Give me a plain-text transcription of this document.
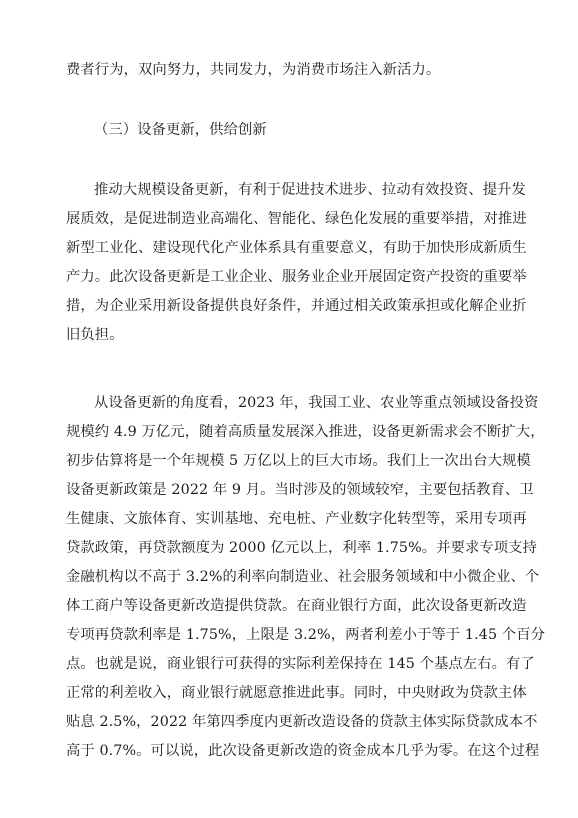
费者行为，双向努力，共同发力，为消费市场注入新活力。
（三）设备更新，供给创新
推动大规模设备更新，有利于促进技术进步、拉动有效投资、提升发
展质效，是促进制造业高端化、智能化、绿色化发展的重要举措，对推进
新型工业化、建设现代化产业体系具有重要意义，有助于加快形成新质生
产力。此次设备更新是工业企业、服务业企业开展固定资产投资的重要举
措，为企业采用新设备提供良好条件，并通过相关政策承担或化解企业折
旧负担。
从设备更新的角度看，2023 年，我国工业、农业等重点领域设备投资
规模约 4.9 万亿元，随着高质量发展深入推进，设备更新需求会不断扩大，
初步估算将是一个年规模 5 万亿以上的巨大市场。我们上一次出台大规模
设备更新政策是 2022 年 9 月。当时涉及的领域较窄，主要包括教育、卫
生健康、文旅体育、实训基地、充电桩、产业数字化转型等，采用专项再
贷款政策，再贷款额度为 2000 亿元以上，利率 1.75%。并要求专项支持
金融机构以不高于 3.2%的利率向制造业、社会服务领域和中小微企业、个
体工商户等设备更新改造提供贷款。在商业银行方面，此次设备更新改造
专项再贷款利率是 1.75%，上限是 3.2%，两者利差小于等于 1.45 个百分
点。也就是说，商业银行可获得的实际利差保持在 145 个基点左右。有了
正常的利差收入，商业银行就愿意推进此事。同时，中央财政为贷款主体
贴息 2.5%，2022 年第四季度内更新改造设备的贷款主体实际贷款成本不
高于 0.7%。可以说，此次设备更新改造的资金成本几乎为零。在这个过程
